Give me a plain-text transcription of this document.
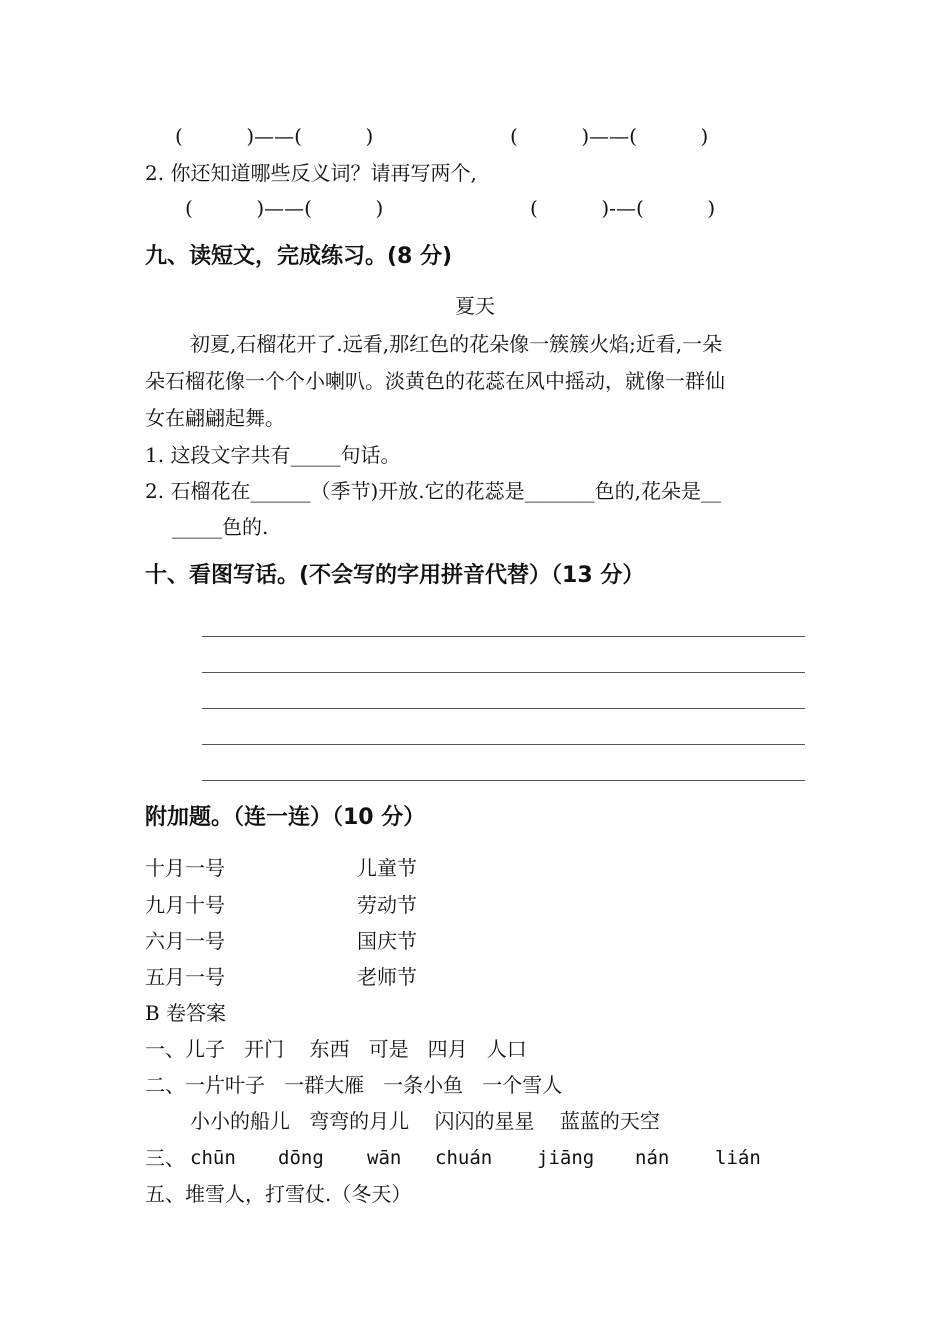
(          )——(          )	(          )——(          )
2. 你还知道哪些反义词？请再写两个,
(          )——(          )	(          )-—(          )
九、读短文，完成练习。(8 分)
夏天
初夏,石榴花开了.远看,那红色的花朵像一簇簇火焰;近看,一朵
朵石榴花像一个个小喇叭。淡黄色的花蕊在风中摇动，就像一群仙
女在翩翩起舞。
1. 这段文字共有_____句话。
2. 石榴花在______（季节)开放.它的花蕊是_______色的,花朵是__
_____色的.
十、看图写话。(不会写的字用拼音代替）（13 分）
附加题。（连一连）（10 分）
十月一号
九月十号
六月一号
五月一号
儿童节
劳动节
国庆节
老师节
B 卷答案
一、儿子   开门    东西   可是   四月   人口
二、一片叶子   一群大雁   一条小鱼   一个雪人
小小的船儿   弯弯的月儿    闪闪的星星    蓝蓝的天空
三、 chūn dōng wān chuán jiāng nán lián
五、堆雪人，打雪仗.（冬天）
